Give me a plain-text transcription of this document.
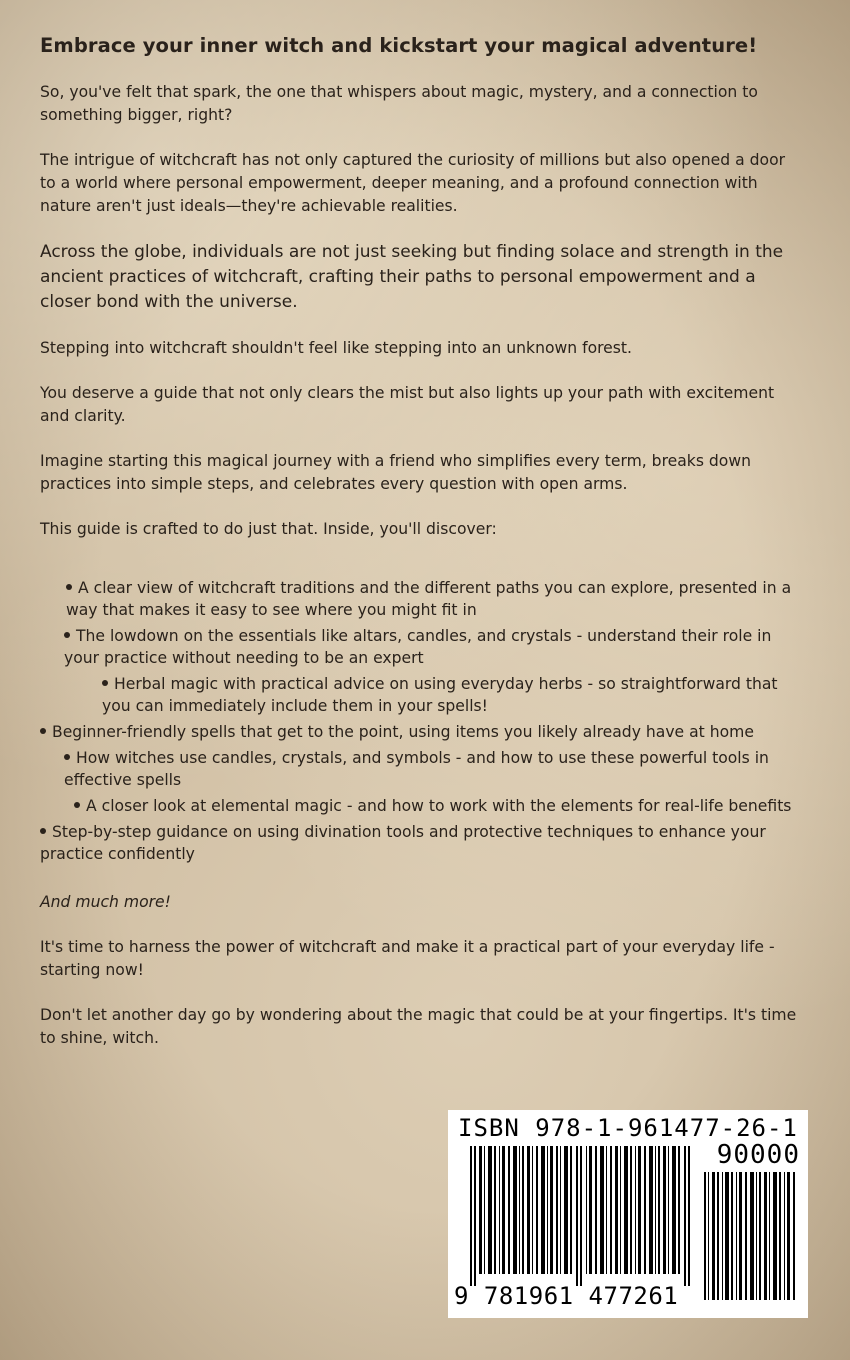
Embrace your inner witch and kickstart your magical adventure!

So, you've felt that spark, the one that whispers about magic, mystery, and a connection to something bigger, right?

The intrigue of witchcraft has not only captured the curiosity of millions but also opened a door to a world where personal empowerment, deeper meaning, and a profound connection with nature aren't just ideals—they're achievable realities.

Across the globe, individuals are not just seeking but finding solace and strength in the ancient practices of witchcraft, crafting their paths to personal empowerment and a closer bond with the universe.

Stepping into witchcraft shouldn't feel like stepping into an unknown forest.

You deserve a guide that not only clears the mist but also lights up your path with excitement and clarity.

Imagine starting this magical journey with a friend who simplifies every term, breaks down practices into simple steps, and celebrates every question with open arms.

This guide is crafted to do just that. Inside, you'll discover:

A clear view of witchcraft traditions and the different paths you can explore, presented in a way that makes it easy to see where you might fit in
The lowdown on the essentials like altars, candles, and crystals - understand their role in your practice without needing to be an expert
Herbal magic with practical advice on using everyday herbs - so straightforward that you can immediately include them in your spells!
Beginner-friendly spells that get to the point, using items you likely already have at home
How witches use candles, crystals, and symbols - and how to use these powerful tools in effective spells
A closer look at elemental magic - and how to work with the elements for real-life benefits
Step-by-step guidance on using divination tools and protective techniques to enhance your practice confidently

And much more!

It's time to harness the power of witchcraft and make it a practical part of your everyday life - starting now!

Don't let another day go by wondering about the magic that could be at your fingertips. It's time to shine, witch.

ISBN 978-1-961477-26-1
90000
9 781961 477261
